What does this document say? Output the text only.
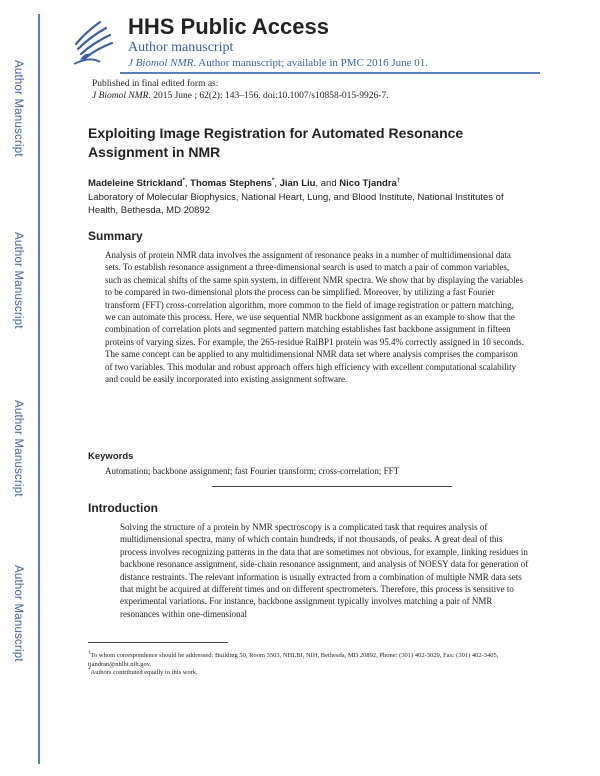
Author Manuscript
Author Manuscript
Author Manuscript
Author Manuscript
HHS Public Access
Author manuscript
J Biomol NMR. Author manuscript; available in PMC 2016 June 01.
Published in final edited form as:
J Biomol NMR. 2015 June ; 62(2): 143–156. doi:10.1007/s10858-015-9926-7.
Exploiting Image Registration for Automated Resonance Assignment in NMR
Madeleine Strickland*, Thomas Stephens*, Jian Liu, and Nico Tjandra†
Laboratory of Molecular Biophysics, National Heart, Lung, and Blood Institute, National Institutes of Health, Bethesda, MD 20892
Summary
Analysis of protein NMR data involves the assignment of resonance peaks in a number of multidimensional data sets. To establish resonance assignment a three-dimensional search is used to match a pair of common variables, such as chemical shifts of the same spin system, in different NMR spectra. We show that by displaying the variables to be compared in two-dimensional plots the process can be simplified. Moreover, by utilizing a fast Fourier transform (FFT) cross-correlation algorithm, more common to the field of image registration or pattern matching, we can automate this process. Here, we use sequential NMR backbone assignment as an example to show that the combination of correlation plots and segmented pattern matching establishes fast backbone assignment in fifteen proteins of varying sizes. For example, the 265-residue RalBP1 protein was 95.4% correctly assigned in 10 seconds. The same concept can be applied to any multidimensional NMR data set where analysis comprises the comparison of two variables. This modular and robust approach offers high efficiency with excellent computational scalability and could be easily incorporated into existing assignment software.
Keywords
Automation; backbone assignment; fast Fourier transform; cross-correlation; FFT
Introduction
Solving the structure of a protein by NMR spectroscopy is a complicated task that requires analysis of multidimensional spectra, many of which contain hundreds, if not thousands, of peaks. A great deal of this process involves recognizing patterns in the data that are sometimes not obvious, for example, linking residues in backbone resonance assignment, side-chain resonance assignment, and analysis of NOESY data for generation of distance restraints. The relevant information is usually extracted from a combination of multiple NMR data sets that might be acquired at different times and on different spectrometers. Therefore, this process is sensitive to experimental variations. For instance, backbone assignment typically involves matching a pair of NMR resonances within one-dimensional
†To whom correspondence should be addressed: Building 50, Room 3503, NHLBI, NIH, Bethesda, MD 20892, Phone: (301) 402-3029, Fax: (301) 402-3405, tjandran@nhlbi.nih.gov.
*Authors contributed equally to this work.
